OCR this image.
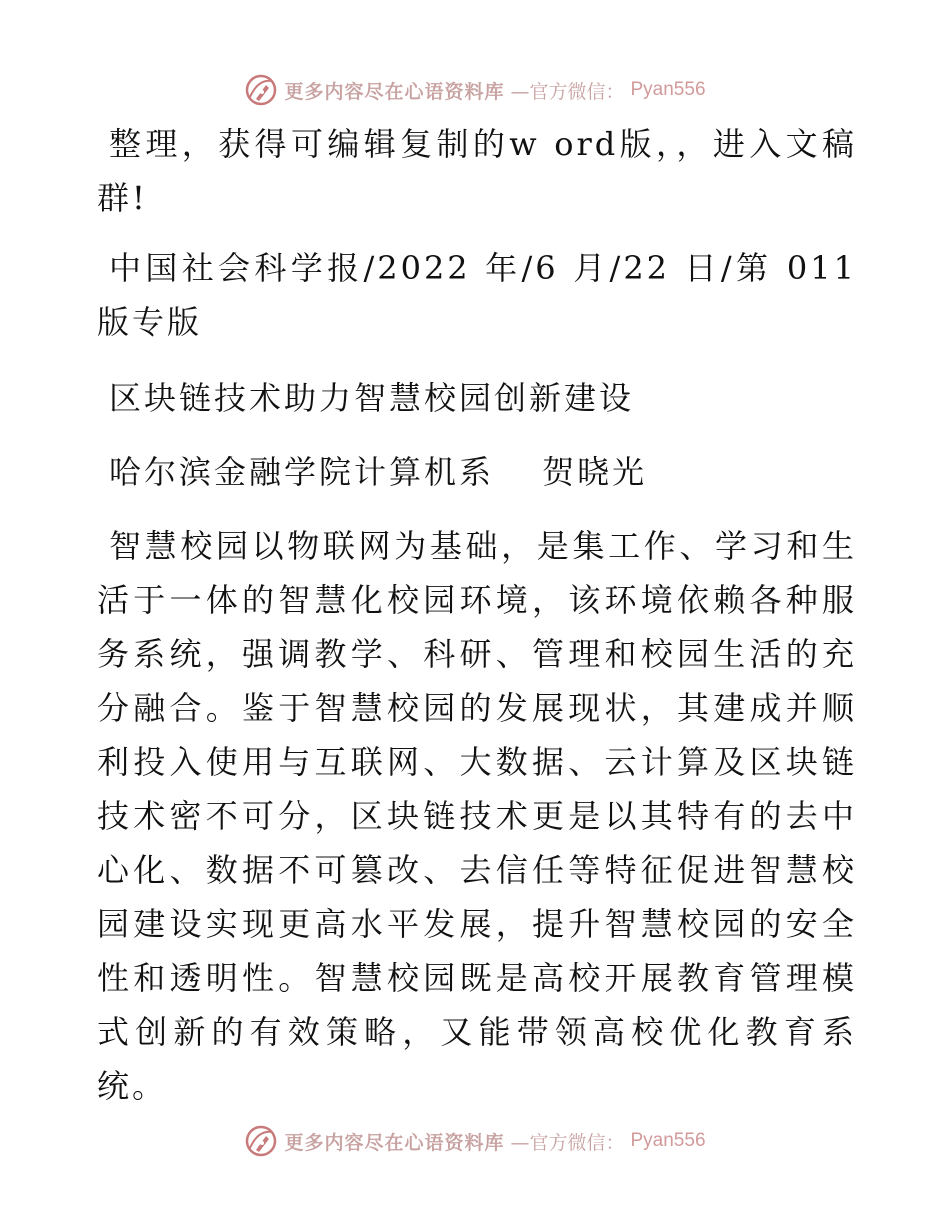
更多内容尽在心语资料库 —官方微信： Pyan556

整理，获得可编辑复制的w ord版，，进入文稿群!

中国社会科学报/2022 年/6 月/22 日/第 011 版专版

区块链技术助力智慧校园创新建设

哈尔滨金融学院计算机系　 贺晓光

智慧校园以物联网为基础，是集工作、学习和生活于一体的智慧化校园环境，该环境依赖各种服务系统，强调教学、科研、管理和校园生活的充分融合。鉴于智慧校园的发展现状，其建成并顺利投入使用与互联网、大数据、云计算及区块链技术密不可分，区块链技术更是以其特有的去中心化、数据不可篡改、去信任等特征促进智慧校园建设实现更高水平发展，提升智慧校园的安全性和透明性。智慧校园既是高校开展教育管理模式创新的有效策略，又能带领高校优化教育系统。

更多内容尽在心语资料库 —官方微信： Pyan556
